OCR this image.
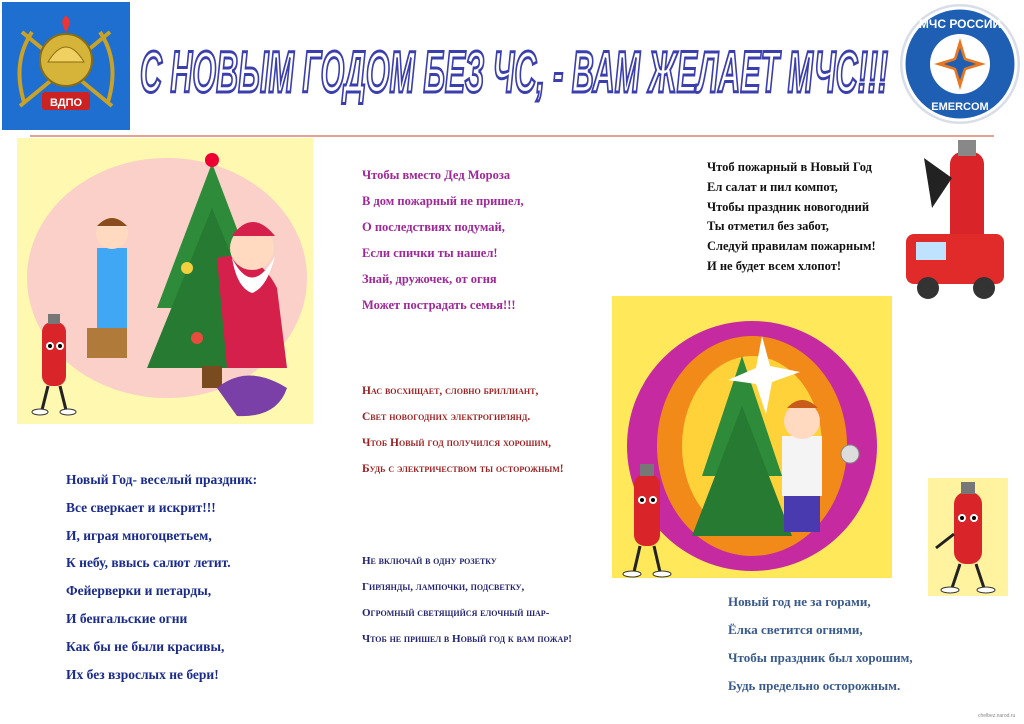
ВДПО С НОВЫМ ГОДОМ БЕЗ ЧС, - ВАМ ЖЕЛАЕТ МЧС!!!
МЧС РОССИИ
EMERCOM
Чтобы вместо Дед Мороза
В дом пожарный не пришел,
О последствиях подумай,
Если спички ты нашел!
Знай, дружочек, от огня
Может пострадать семья!!!
Чтоб пожарный в Новый Год
Ел салат и пил компот,
Чтобы праздник новогодний
Ты отметил без забот,
Следуй правилам пожарным!
И не будет всем хлопот!
Нас восхищает, словно бриллиант,
Свет новогодних электрогирлянд.
Чтоб Новый год получился хорошим,
Будь с электричеством ты осторожным!
Новый Год- веселый праздник:
Все сверкает и искрит!!!
И, играя многоцветьем,
К небу, ввысь салют летит.
Фейерверки и петарды,
И бенгальские огни
Как бы не были красивы,
Их без взрослых не бери!
Не включай в одну розетку
Гирлянды, лампочки, подсветку,
Огромный светящийся елочный шар-
Чтоб не пришел в Новый год к вам пожар!
Новый год не за горами,
Ёлка светится огнями,
Чтобы праздник был хорошим,
Будь предельно осторожным.
chelbez.narod.ru
